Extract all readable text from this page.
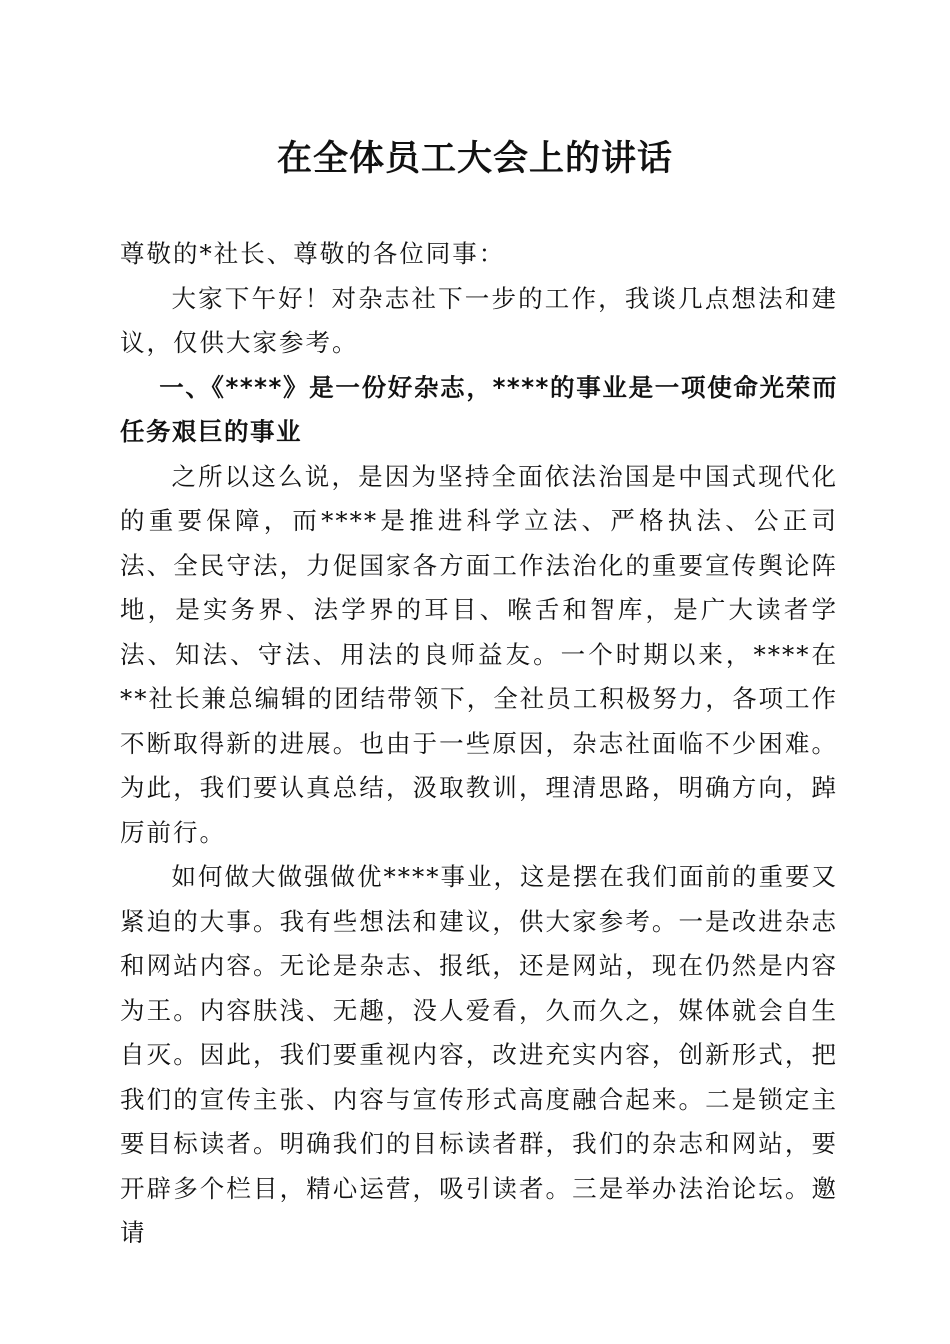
在全体员工大会上的讲话

尊敬的*社长、尊敬的各位同事：

大家下午好！对杂志社下一步的工作，我谈几点想法和建议，仅供大家参考。

一、《****》是一份好杂志，****的事业是一项使命光荣而任务艰巨的事业

之所以这么说，是因为坚持全面依法治国是中国式现代化的重要保障，而****是推进科学立法、严格执法、公正司法、全民守法，力促国家各方面工作法治化的重要宣传舆论阵地，是实务界、法学界的耳目、喉舌和智库，是广大读者学法、知法、守法、用法的良师益友。一个时期以来，****在**社长兼总编辑的团结带领下，全社员工积极努力，各项工作不断取得新的进展。也由于一些原因，杂志社面临不少困难。为此，我们要认真总结，汲取教训，理清思路，明确方向，踔厉前行。

如何做大做强做优****事业，这是摆在我们面前的重要又紧迫的大事。我有些想法和建议，供大家参考。一是改进杂志和网站内容。无论是杂志、报纸，还是网站，现在仍然是内容为王。内容肤浅、无趣，没人爱看，久而久之，媒体就会自生自灭。因此，我们要重视内容，改进充实内容，创新形式，把我们的宣传主张、内容与宣传形式高度融合起来。二是锁定主要目标读者。明确我们的目标读者群，我们的杂志和网站，要开辟多个栏目，精心运营，吸引读者。三是举办法治论坛。邀请
